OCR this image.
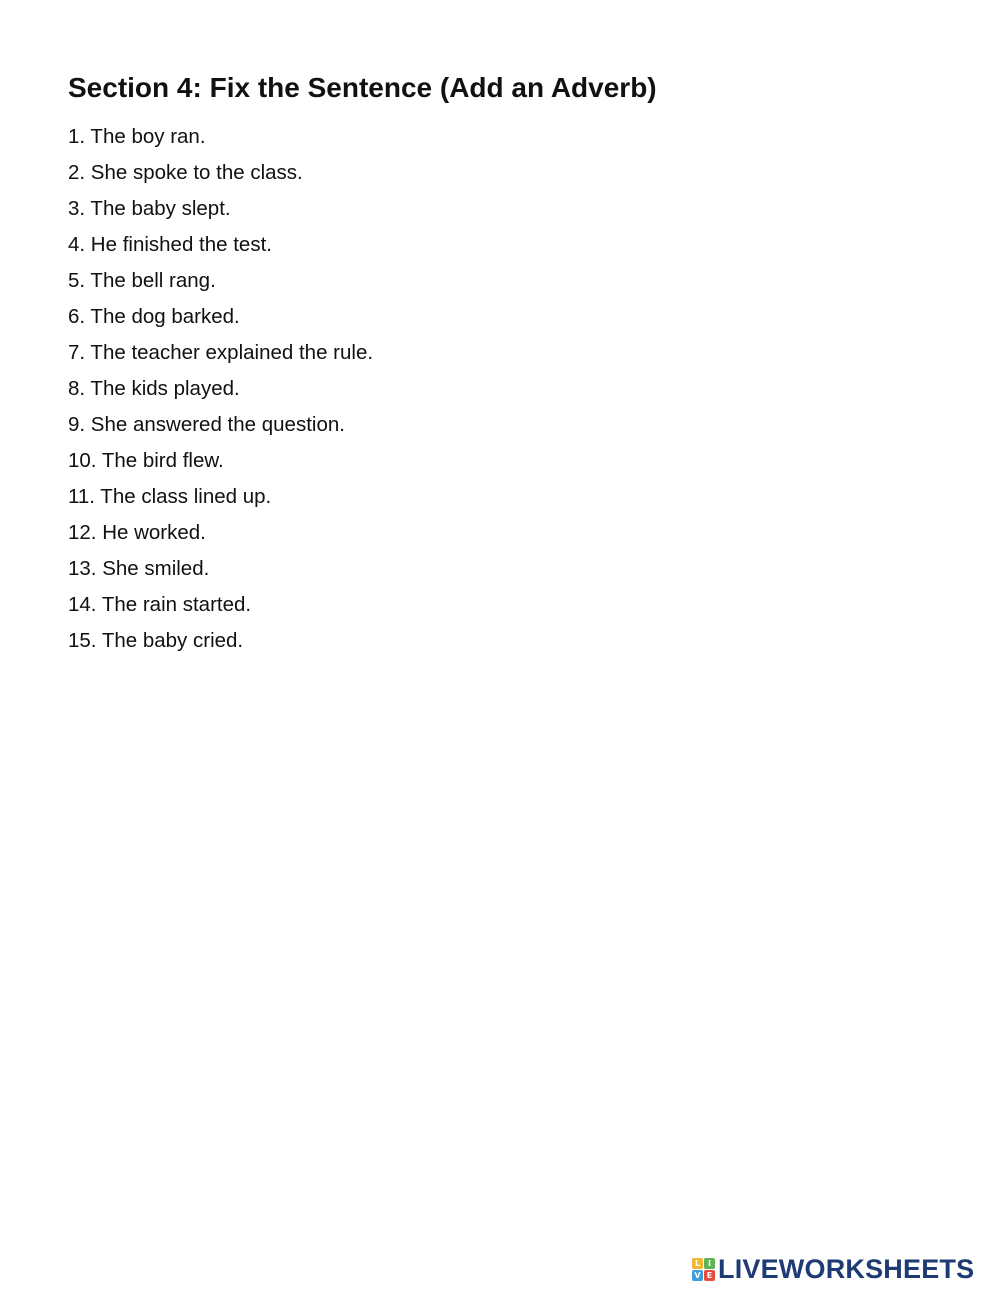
Section 4: Fix the Sentence (Add an Adverb)
1. The boy ran.
2. She spoke to the class.
3. The baby slept.
4. He finished the test.
5. The bell rang.
6. The dog barked.
7. The teacher explained the rule.
8. The kids played.
9. She answered the question.
10. The bird flew.
11. The class lined up.
12. He worked.
13. She smiled.
14. The rain started.
15. The baby cried.
L I
V E LIVEWORKSHEETS
